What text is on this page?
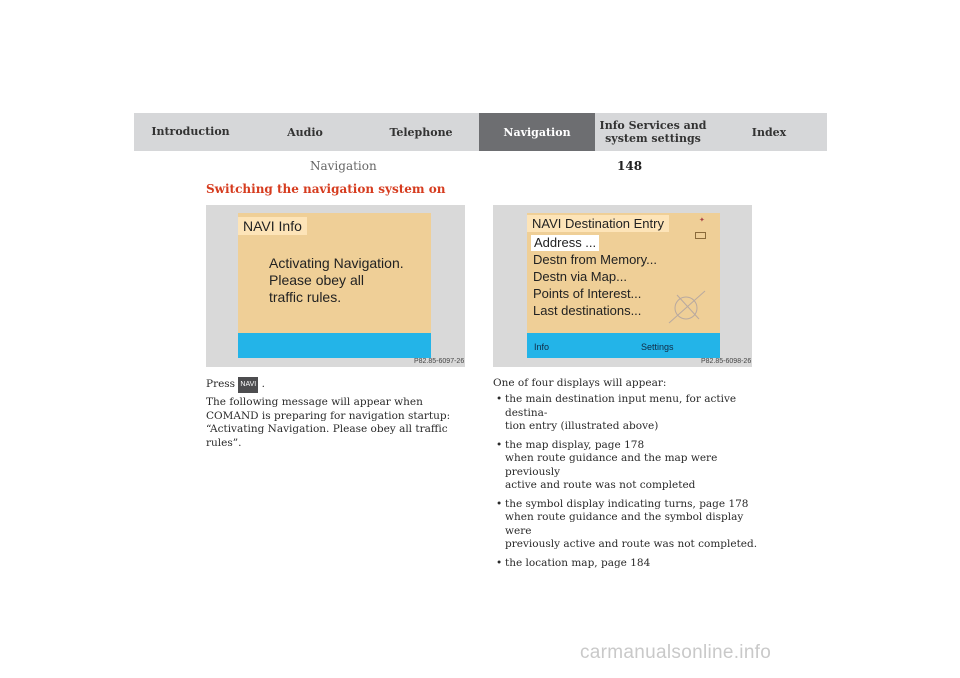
Introduction	Audio	Telephone	Navigation	Info Services and
system settings	Index
Navigation	148
Switching the navigation system on
NAVI Info
Activating Navigation.
Please obey all
traffic rules.
P82.85-6097-26
NAVI Destination Entry
Address ...
Destn from Memory...
Destn via Map...
Points of Interest...
Last destinations...
✦
Info	Settings
P82.85-6098-26
Press NAVI .
The following message will appear when COMAND is preparing for navigation startup: “Activating Navigation. Please obey all traffic rules”.
One of four displays will appear:
• the main destination input menu, for active destina-
tion entry (illustrated above)
• the map display, page 178
when route guidance and the map were previously
active and route was not completed
• the symbol display indicating turns, page 178
when route guidance and the symbol display were
previously active and route was not completed.
• the location map, page 184
carmanualsonline.info
